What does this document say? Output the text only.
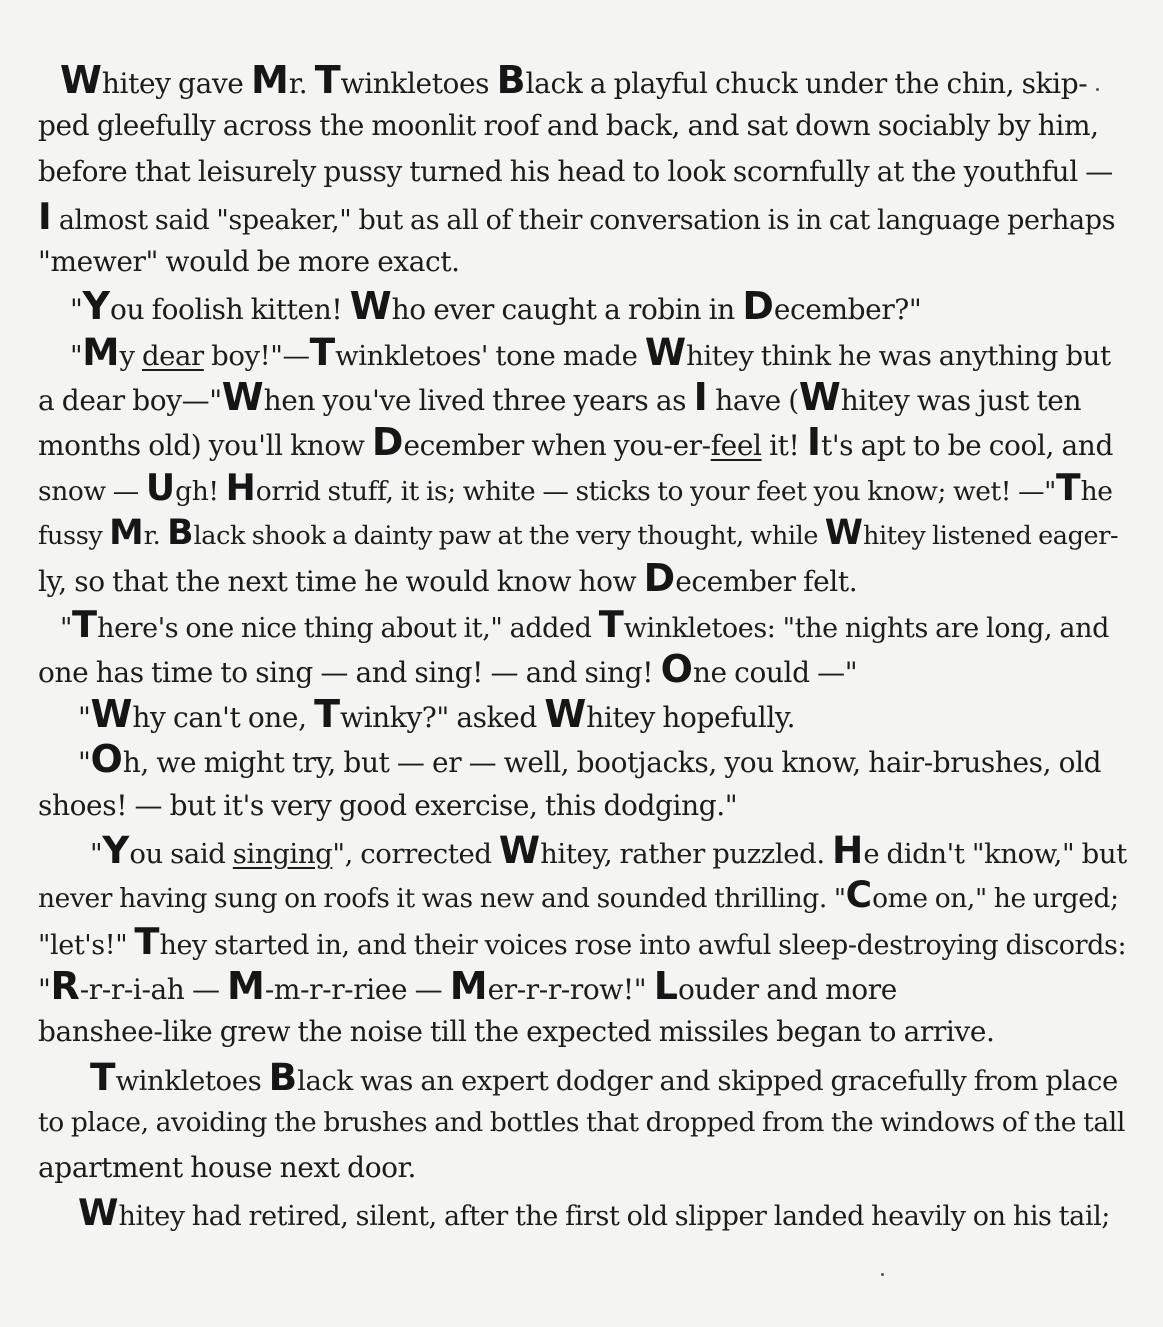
Whitey gave Mr. Twinkletoes Black a playful chuck under the chin, skip-
ped gleefully across the moonlit roof and back, and sat down sociably by him,
before that leisurely pussy turned his head to look scornfully at the youthful —
I almost said "speaker," but as all of their conversation is in cat language perhaps
"mewer" would be more exact.
"You foolish kitten! Who ever caught a robin in December?"
"My dear boy!"—Twinkletoes' tone made Whitey think he was anything but
a dear boy—"When you've lived three years as I have (Whitey was just ten
months old) you'll know December when you-er-feel it! It's apt to be cool, and
snow — Ugh! Horrid stuff, it is; white — sticks to your feet you know; wet! —"The
fussy Mr. Black shook a dainty paw at the very thought, while Whitey listened eager-
ly, so that the next time he would know how December felt.
"There's one nice thing about it," added Twinkletoes: "the nights are long, and
one has time to sing — and sing! — and sing! One could —"
"Why can't one, Twinky?" asked Whitey hopefully.
"Oh, we might try, but — er — well, bootjacks, you know, hair-brushes, old
shoes! — but it's very good exercise, this dodging."
"You said singing", corrected Whitey, rather puzzled. He didn't "know," but
never having sung on roofs it was new and sounded thrilling. "Come on," he urged;
"let's!" They started in, and their voices rose into awful sleep-destroying discords:
"R-r-r-i-ah — M-m-r-r-riee — Mer-r-r-row!" Louder and more
banshee-like grew the noise till the expected missiles began to arrive.
Twinkletoes Black was an expert dodger and skipped gracefully from place
to place, avoiding the brushes and bottles that dropped from the windows of the tall
apartment house next door.
Whitey had retired, silent, after the first old slipper landed heavily on his tail;
